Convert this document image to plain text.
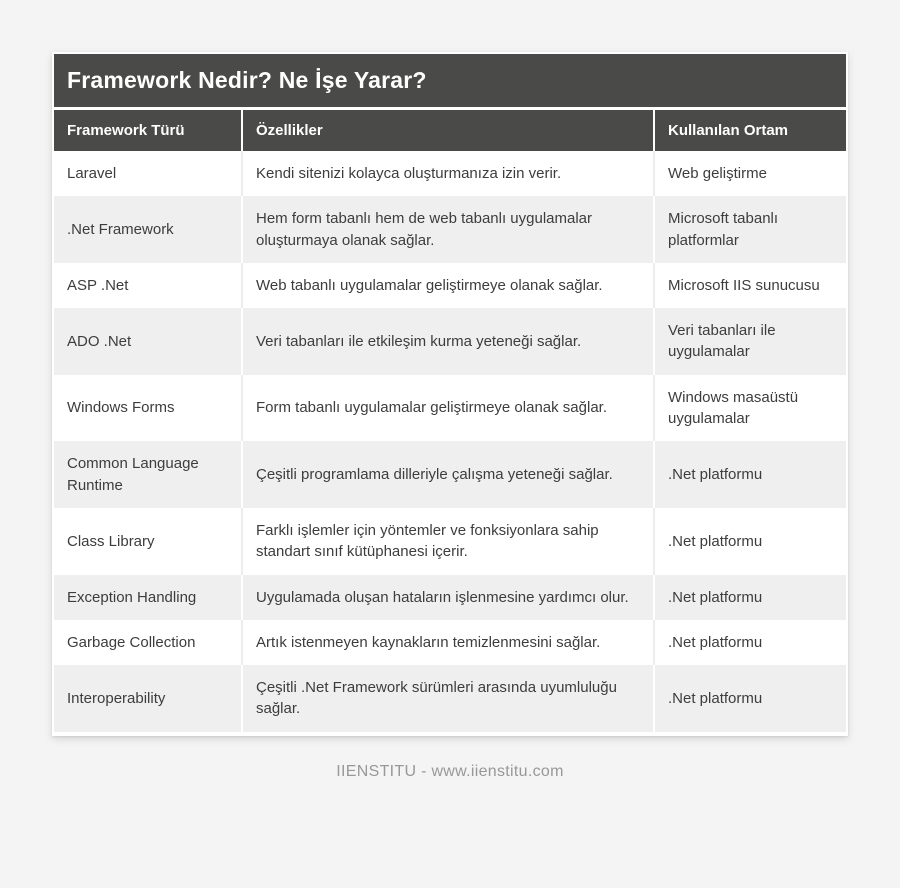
Framework Nedir? Ne İşe Yarar?
Framework Türü	Özellikler	Kullanılan Ortam
Laravel	Kendi sitenizi kolayca oluşturmanıza izin verir.	Web geliştirme
.Net Framework	Hem form tabanlı hem de web tabanlı uygulamalar oluşturmaya olanak sağlar.	Microsoft tabanlı platformlar
ASP .Net	Web tabanlı uygulamalar geliştirmeye olanak sağlar.	Microsoft IIS sunucusu
ADO .Net	Veri tabanları ile etkileşim kurma yeteneği sağlar.	Veri tabanları ile uygulamalar
Windows Forms	Form tabanlı uygulamalar geliştirmeye olanak sağlar.	Windows masaüstü uygulamalar
Common Language Runtime	Çeşitli programlama dilleriyle çalışma yeteneği sağlar.	.Net platformu
Class Library	Farklı işlemler için yöntemler ve fonksiyonlara sahip standart sınıf kütüphanesi içerir.	.Net platformu
Exception Handling	Uygulamada oluşan hataların işlenmesine yardımcı olur.	.Net platformu
Garbage Collection	Artık istenmeyen kaynakların temizlenmesini sağlar.	.Net platformu
Interoperability	Çeşitli .Net Framework sürümleri arasında uyumluluğu sağlar.	.Net platformu
IIENSTITU - www.iienstitu.com
